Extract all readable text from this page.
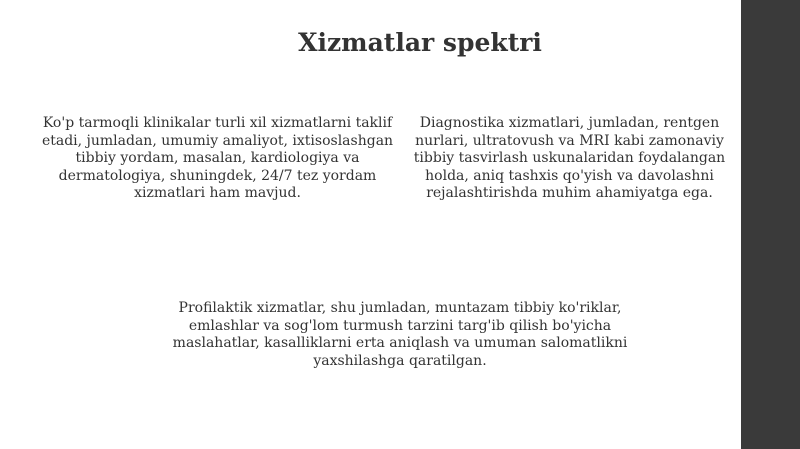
Xizmatlar spektri

Ko'p tarmoqli klinikalar turli xil xizmatlarni taklif etadi, jumladan, umumiy amaliyot, ixtisoslashgan tibbiy yordam, masalan, kardiologiya va dermatologiya, shuningdek, 24/7 tez yordam xizmatlari ham mavjud.

Diagnostika xizmatlari, jumladan, rentgen nurlari, ultratovush va MRI kabi zamonaviy tibbiy tasvirlash uskunalaridan foydalangan holda, aniq tashxis qo'yish va davolashni rejalashtirishda muhim ahamiyatga ega.

Profilaktik xizmatlar, shu jumladan, muntazam tibbiy ko'riklar, emlashlar va sog'lom turmush tarzini targ'ib qilish bo'yicha maslahatlar, kasalliklarni erta aniqlash va umuman salomatlikni yaxshilashga qaratilgan.
